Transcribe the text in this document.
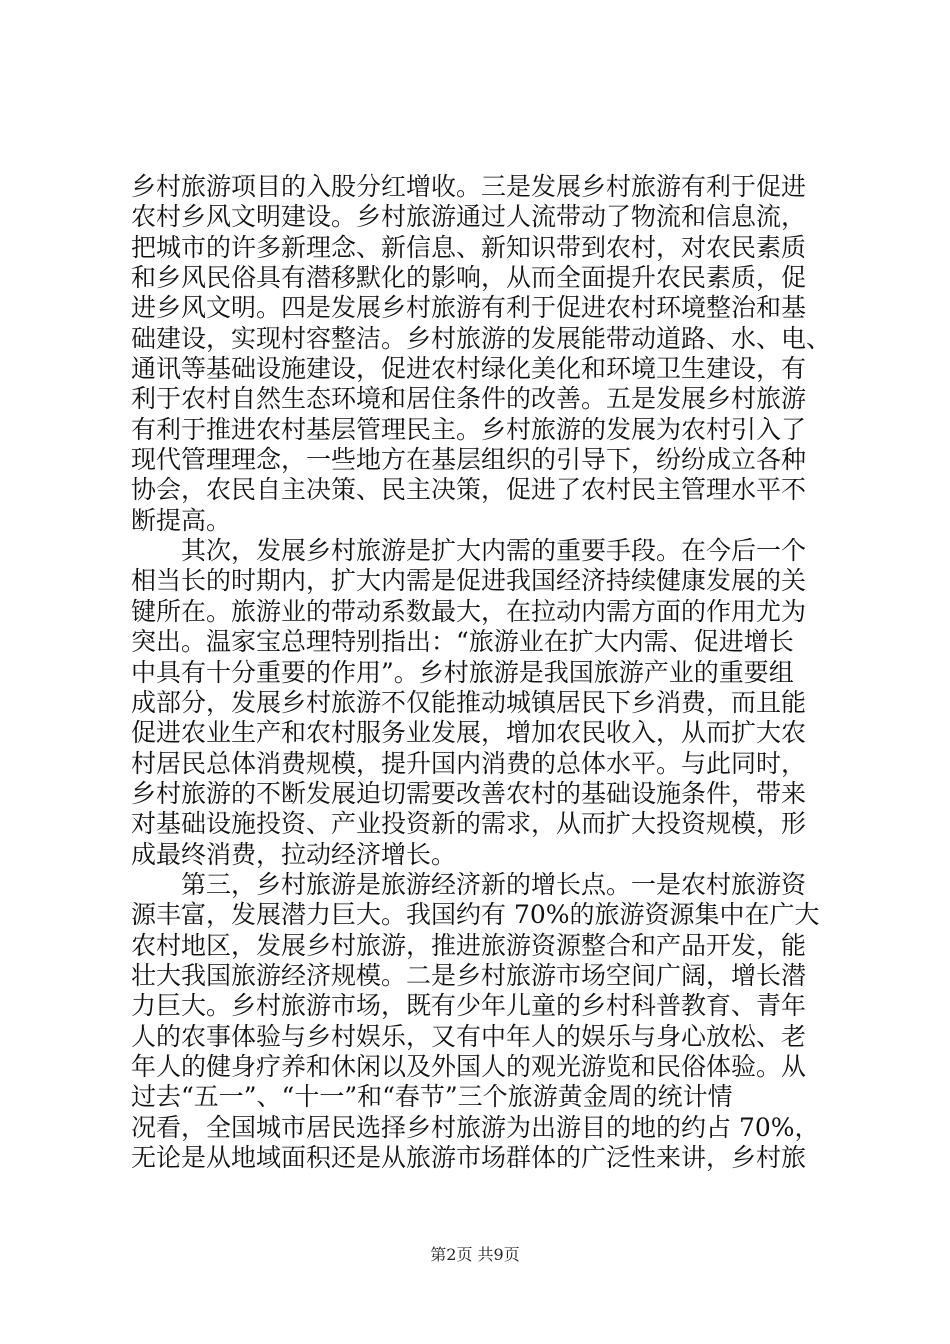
乡村旅游项目的入股分红增收。三是发展乡村旅游有利于促进
农村乡风文明建设。乡村旅游通过人流带动了物流和信息流，
把城市的许多新理念、新信息、新知识带到农村，对农民素质
和乡风民俗具有潜移默化的影响，从而全面提升农民素质，促
进乡风文明。四是发展乡村旅游有利于促进农村环境整治和基
础建设，实现村容整洁。乡村旅游的发展能带动道路、水、电、
通讯等基础设施建设，促进农村绿化美化和环境卫生建设，有
利于农村自然生态环境和居住条件的改善。五是发展乡村旅游
有利于推进农村基层管理民主。乡村旅游的发展为农村引入了
现代管理理念，一些地方在基层组织的引导下，纷纷成立各种
协会，农民自主决策、民主决策，促进了农村民主管理水平不
断提高。
　　其次，发展乡村旅游是扩大内需的重要手段。在今后一个
相当长的时期内，扩大内需是促进我国经济持续健康发展的关
键所在。旅游业的带动系数最大，在拉动内需方面的作用尤为
突出。温家宝总理特别指出：“旅游业在扩大内需、促进增长
中具有十分重要的作用”。乡村旅游是我国旅游产业的重要组
成部分，发展乡村旅游不仅能推动城镇居民下乡消费，而且能
促进农业生产和农村服务业发展，增加农民收入，从而扩大农
村居民总体消费规模，提升国内消费的总体水平。与此同时，
乡村旅游的不断发展迫切需要改善农村的基础设施条件，带来
对基础设施投资、产业投资新的需求，从而扩大投资规模，形
成最终消费，拉动经济增长。
　　第三，乡村旅游是旅游经济新的增长点。一是农村旅游资
源丰富，发展潜力巨大。我国约有 70%的旅游资源集中在广大
农村地区，发展乡村旅游，推进旅游资源整合和产品开发，能
壮大我国旅游经济规模。二是乡村旅游市场空间广阔，增长潜
力巨大。乡村旅游市场，既有少年儿童的乡村科普教育、青年
人的农事体验与乡村娱乐，又有中年人的娱乐与身心放松、老
年人的健身疗养和休闲以及外国人的观光游览和民俗体验。从
过去“五一”、“十一”和“春节”三个旅游黄金周的统计情
况看，全国城市居民选择乡村旅游为出游目的地的约占 70%，
无论是从地域面积还是从旅游市场群体的广泛性来讲，乡村旅
第2页 共9页
